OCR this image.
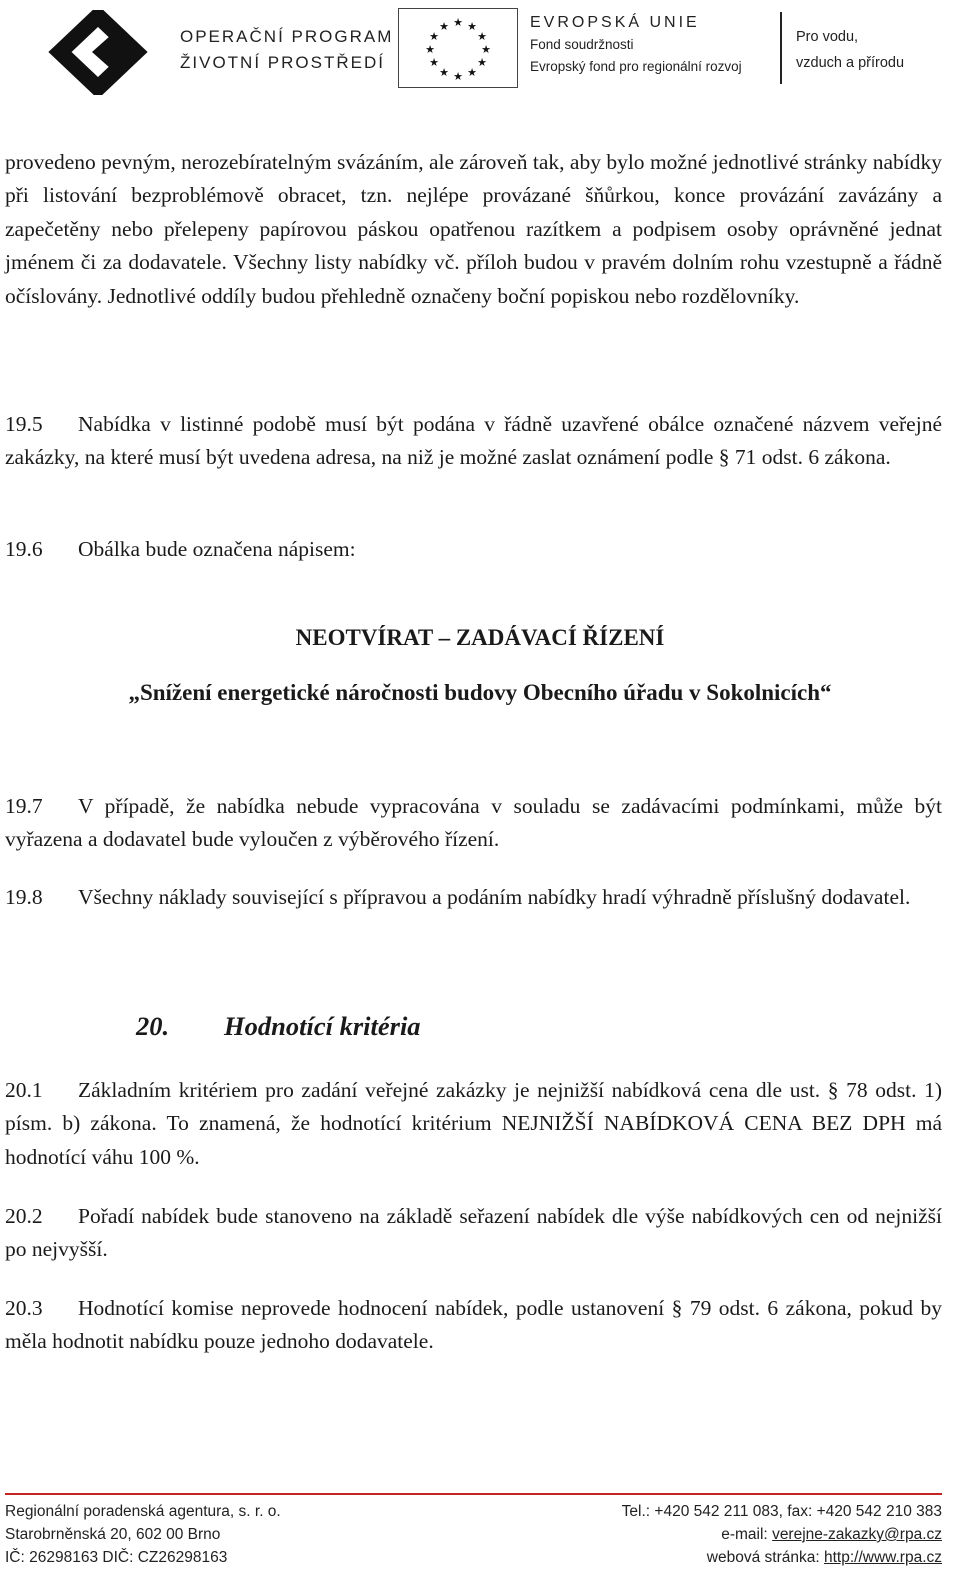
OPERAČNÍ PROGRAM
ŽIVOTNÍ PROSTŘEDÍ
★ ★
★
★
★
★
★
★
★
★
★
★	EVROPSKÁ UNIE
Fond soudržnosti
Evropský fond pro regionální rozvoj
Pro vodu,
vzduch a přírodu
provedeno pevným, nerozebíratelným svázáním, ale zároveň tak, aby bylo možné jednotlivé stránky nabídky při listování bezproblémově obracet, tzn. nejlépe provázané šňůrkou, konce provázání zavázány a zapečetěny nebo přelepeny papírovou páskou opatřenou razítkem a podpisem osoby oprávněné jednat jménem či za dodavatele. Všechny listy nabídky vč. příloh budou v pravém dolním rohu vzestupně a řádně očíslovány. Jednotlivé oddíly budou přehledně označeny boční popiskou nebo rozdělovníky.
19.5 Nabídka v listinné podobě musí být podána v řádně uzavřené obálce označené názvem veřejné zakázky, na které musí být uvedena adresa, na niž je možné zaslat oznámení podle § 71 odst. 6 zákona.
19.6 Obálka bude označena nápisem:
NEOTVÍRAT – ZADÁVACÍ ŘÍZENÍ
„Snížení energetické náročnosti budovy Obecního úřadu v Sokolnicích“
19.7 V případě, že nabídka nebude vypracována v souladu se zadávacími podmínkami, může být vyřazena a dodavatel bude vyloučen z výběrového řízení.
19.8 Všechny náklady související s přípravou a podáním nabídky hradí výhradně příslušný dodavatel.
20. Hodnotící kritéria
20.1 Základním kritériem pro zadání veřejné zakázky je nejnižší nabídková cena dle ust. § 78 odst. 1) písm. b) zákona. To znamená, že hodnotící kritérium NEJNIŽŠÍ NABÍDKOVÁ CENA BEZ DPH má hodnotící váhu 100 %.
20.2 Pořadí nabídek bude stanoveno na základě seřazení nabídek dle výše nabídkových cen od nejnižší po nejvyšší.
20.3 Hodnotící komise neprovede hodnocení nabídek, podle ustanovení § 79 odst. 6 zákona, pokud by měla hodnotit nabídku pouze jednoho dodavatele.
Regionální poradenská agentura, s. r. o.
Starobrněnská 20, 602 00 Brno
IČ: 26298163 DIČ: CZ26298163
Tel.: +420 542 211 083, fax: +420 542 210 383
e-mail: verejne-zakazky@rpa.cz
webová stránka: http://www.rpa.cz
